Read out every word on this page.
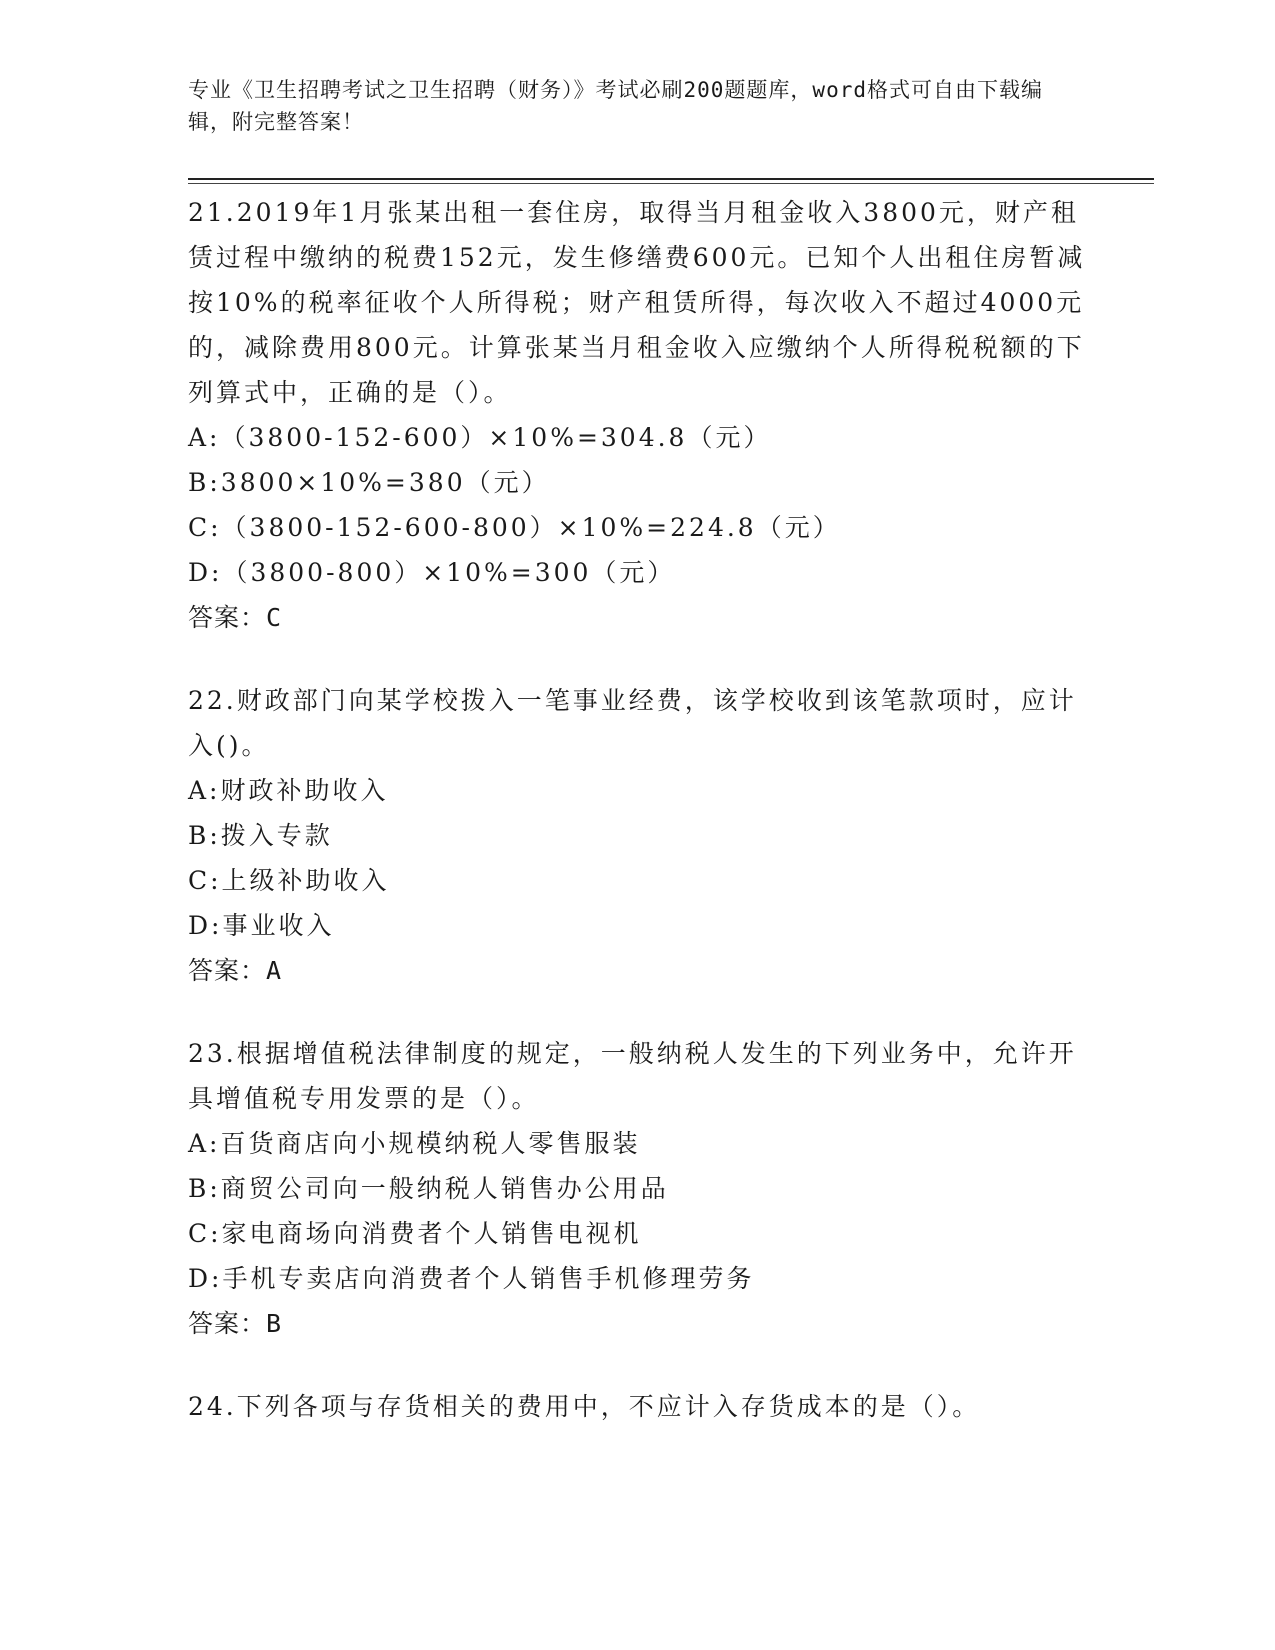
专业《卫生招聘考试之卫生招聘（财务）》考试必刷200题题库，word格式可自由下载编辑，附完整答案！

21.2019年1月张某出租一套住房，取得当月租金收入3800元，财产租赁过程中缴纳的税费152元，发生修缮费600元。已知个人出租住房暂减按10%的税率征收个人所得税；财产租赁所得，每次收入不超过4000元的，减除费用800元。计算张某当月租金收入应缴纳个人所得税税额的下列算式中，正确的是（）。

A:（3800-152-600）×10%=304.8（元）

B:3800×10%=380（元）

C:（3800-152-600-800）×10%=224.8（元）

D:（3800-800）×10%=300（元）

答案：C

22.财政部门向某学校拨入一笔事业经费，该学校收到该笔款项时，应计入()。

A:财政补助收入

B:拨入专款

C:上级补助收入

D:事业收入

答案：A

23.根据增值税法律制度的规定，一般纳税人发生的下列业务中，允许开具增值税专用发票的是（）。

A:百货商店向小规模纳税人零售服装

B:商贸公司向一般纳税人销售办公用品

C:家电商场向消费者个人销售电视机

D:手机专卖店向消费者个人销售手机修理劳务

答案：B

24.下列各项与存货相关的费用中，不应计入存货成本的是（）。
